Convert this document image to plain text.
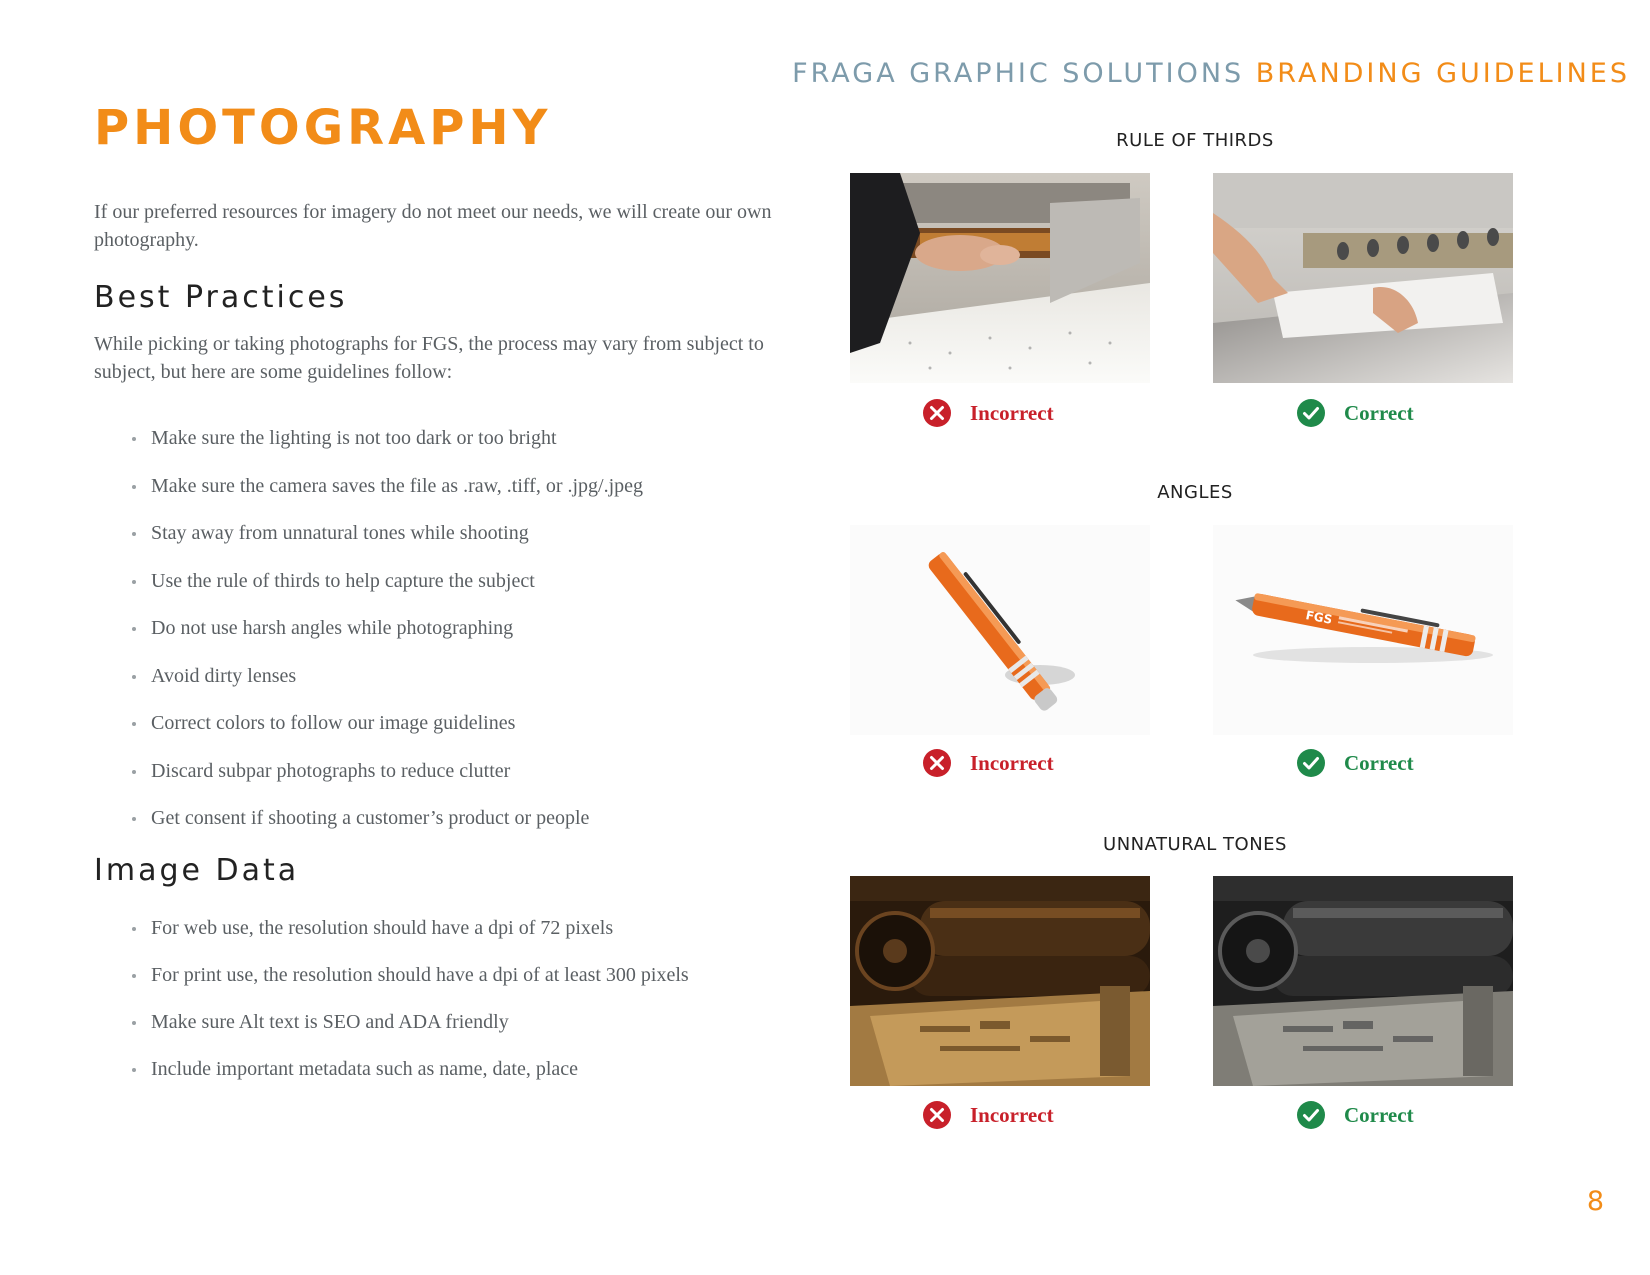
FRAGA GRAPHIC SOLUTIONS BRANDING GUIDELINES
PHOTOGRAPHY

If our preferred resources for imagery do not meet our needs, we will create our own photography.

Best Practices

While picking or taking photographs for FGS, the process may vary from subject to subject, but here are some guidelines follow:

Make sure the lighting is not too dark or too bright
Make sure the camera saves the file as .raw, .tiff, or .jpg/.jpeg
Stay away from unnatural tones while shooting
Use the rule of thirds to help capture the subject
Do not use harsh angles while photographing
Avoid dirty lenses
Correct colors to follow our image guidelines
Discard subpar photographs to reduce clutter
Get consent if shooting a customer’s product or people
Image Data
For web use, the resolution should have a dpi of 72 pixels
For print use, the resolution should have a dpi of at least 300 pixels
Make sure Alt text is SEO and ADA friendly
Include important metadata such as name, date, place
RULE OF THIRDS
Incorrect	Correct
ANGLES
FGS
Incorrect	Correct
UNNATURAL TONES
Incorrect	Correct
8
